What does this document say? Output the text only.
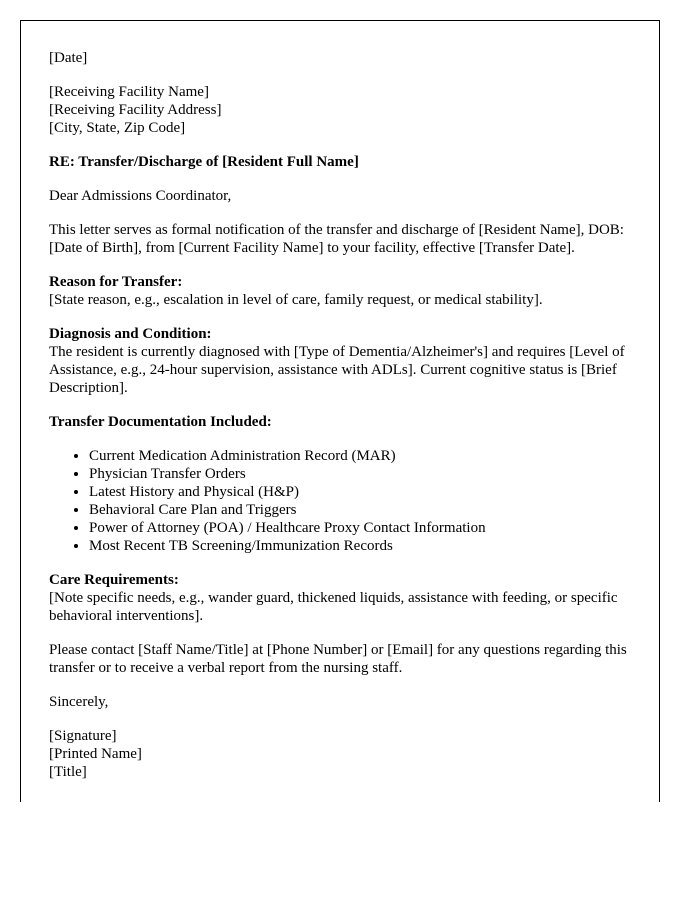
[Date]

[Receiving Facility Name]
[Receiving Facility Address]
[City, State, Zip Code]

RE: Transfer/Discharge of [Resident Full Name]

Dear Admissions Coordinator,

This letter serves as formal notification of the transfer and discharge of [Resident Name], DOB: [Date of Birth], from [Current Facility Name] to your facility, effective [Transfer Date].

Reason for Transfer:
[State reason, e.g., escalation in level of care, family request, or medical stability].
Diagnosis and Condition:
The resident is currently diagnosed with [Type of Dementia/Alzheimer's] and requires [Level of Assistance, e.g., 24-hour supervision, assistance with ADLs]. Current cognitive status is [Brief Description].

Transfer Documentation Included:

• Current Medication Administration Record (MAR)
• Physician Transfer Orders
• Latest History and Physical (H&P)
• Behavioral Care Plan and Triggers
• Power of Attorney (POA) / Healthcare Proxy Contact Information
• Most Recent TB Screening/Immunization Records
Care Requirements:
[Note specific needs, e.g., wander guard, thickened liquids, assistance with feeding, or specific behavioral interventions].

Please contact [Staff Name/Title] at [Phone Number] or [Email] for any questions regarding this transfer or to receive a verbal report from the nursing staff.

Sincerely,

[Signature]
[Printed Name]
[Title]
